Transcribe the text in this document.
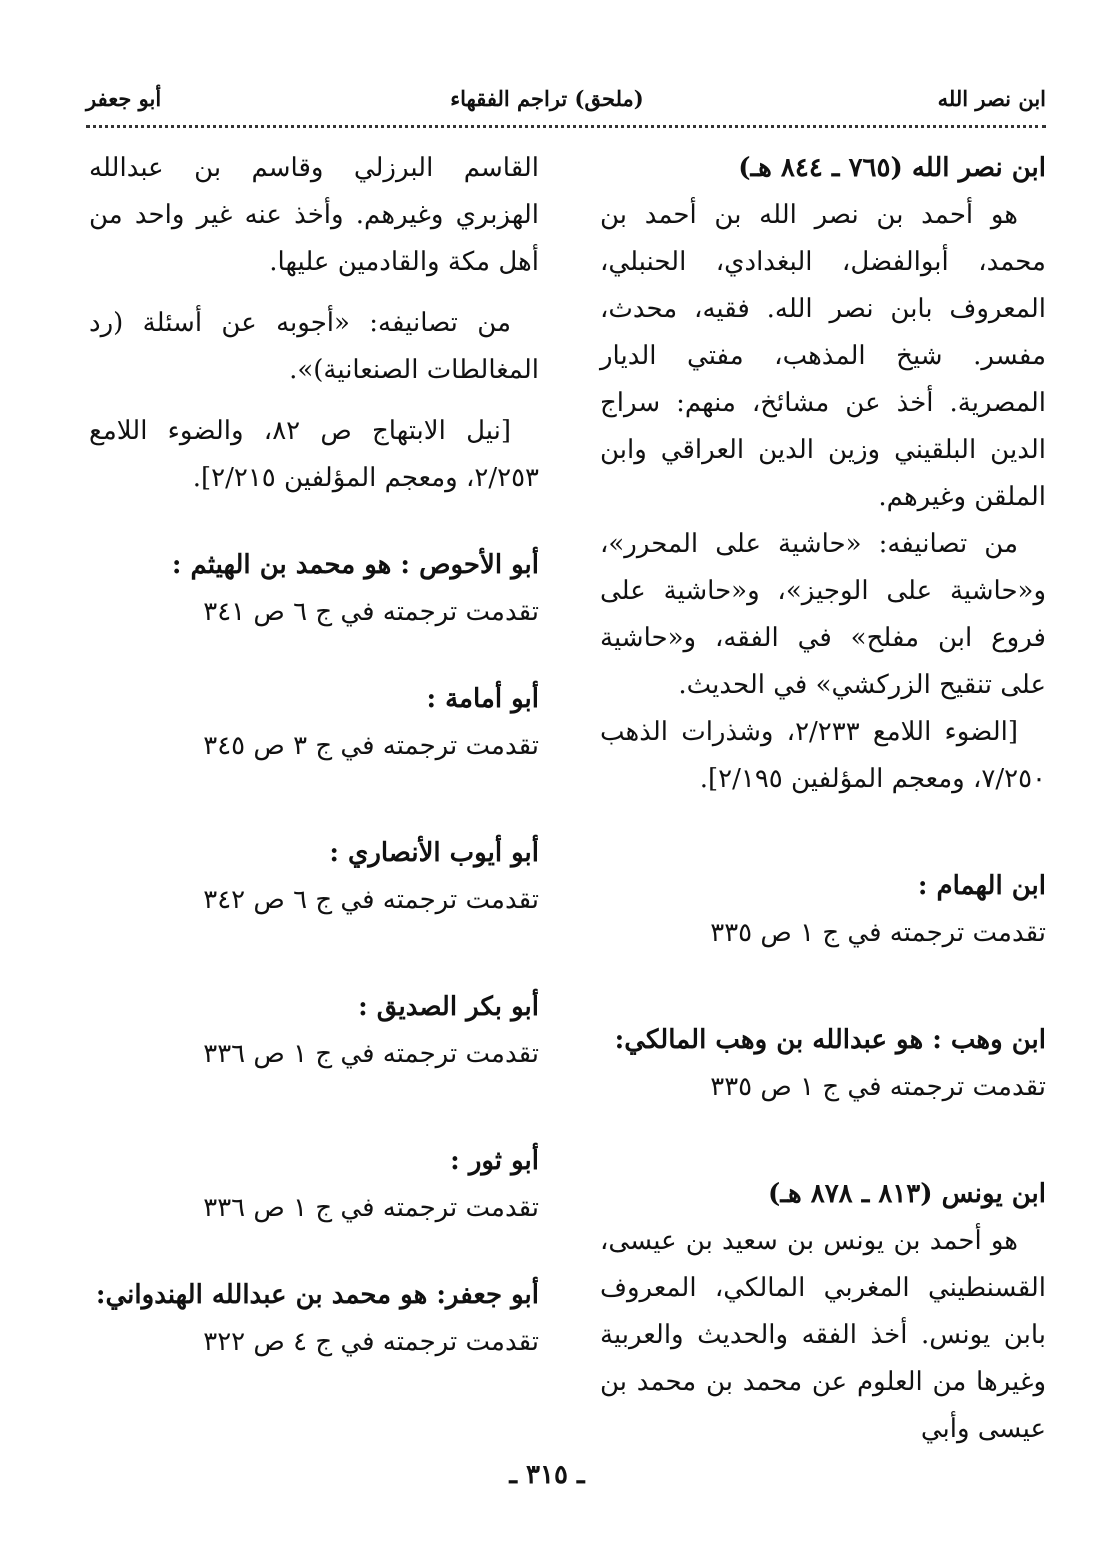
ابن نصر الله
(ملحق) تراجم الفقهاء
أبو جعفر

ابن نصر الله (٧٦٥ ـ ٨٤٤ هـ)

هو أحمد بن نصر الله بن أحمد بن محمد، أبوالفضل، البغدادي، الحنبلي، المعروف بابن نصر الله. فقيه، محدث، مفسر. شيخ المذهب، مفتي الديار المصرية. أخذ عن مشائخ، منهم: سراج الدين البلقيني وزين الدين العراقي وابن الملقن وغيرهم.

من تصانيفه: «حاشية على المحرر»، و«حاشية على الوجيز»، و«حاشية على فروع ابن مفلح» في الفقه، و«حاشية على تنقيح الزركشي» في الحديث.

[الضوء اللامع ٢/٢٣٣، وشذرات الذهب ٧/٢٥٠، ومعجم المؤلفين ٢/١٩٥].

ابن الهمام :

تقدمت ترجمته في ج ١ ص ٣٣٥

ابن وهب : هو عبدالله بن وهب المالكي:

تقدمت ترجمته في ج ١ ص ٣٣٥

ابن يونس (٨١٣ ـ ٨٧٨ هـ)

هو أحمد بن يونس بن سعيد بن عيسى، القسنطيني المغربي المالكي، المعروف بابن يونس. أخذ الفقه والحديث والعربية وغيرها من العلوم عن محمد بن محمد بن عيسى وأبي

القاسم البرزلي وقاسم بن عبدالله الهزبري وغيرهم. وأخذ عنه غير واحد من أهل مكة والقادمين عليها.

من تصانيفه: «أجوبه عن أسئلة (رد المغالطات الصنعانية)».

[نيل الابتهاج ص ٨٢، والضوء اللامع ٢/٢٥٣، ومعجم المؤلفين ٢/٢١٥].

أبو الأحوص : هو محمد بن الهيثم :

تقدمت ترجمته في ج ٦ ص ٣٤١

أبو أمامة :

تقدمت ترجمته في ج ٣ ص ٣٤٥

أبو أيوب الأنصاري :

تقدمت ترجمته في ج ٦ ص ٣٤٢

أبو بكر الصديق :

تقدمت ترجمته في ج ١ ص ٣٣٦

أبو ثور :

تقدمت ترجمته في ج ١ ص ٣٣٦

أبو جعفر: هو محمد بن عبدالله الهندواني:

تقدمت ترجمته في ج ٤ ص ٣٢٢

ـ ٣١٥ ـ
